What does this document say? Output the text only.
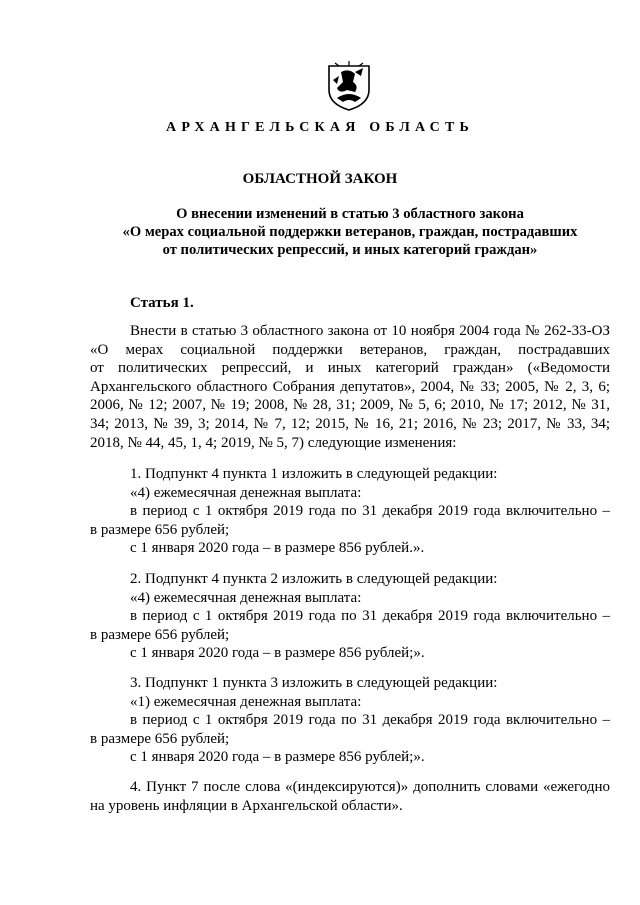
АРХАНГЕЛЬСКАЯ ОБЛАСТЬ
ОБЛАСТНОЙ ЗАКОН
О внесении изменений в статью 3 областного закона
«О мерах социальной поддержки ветеранов, граждан, пострадавших
от политических репрессий, и иных категорий граждан»
Статья 1.
Внести в статью 3 областного закона от 10 ноября 2004 года № 262-33-ОЗ
«О мерах социальной поддержки ветеранов, граждан, пострадавших
от политических репрессий, и иных категорий граждан» («Ведомости
Архангельского областного Собрания депутатов», 2004, № 33; 2005, № 2, 3, 6;
2006, № 12; 2007, № 19; 2008, № 28, 31; 2009, № 5, 6; 2010, № 17; 2012, № 31,
34; 2013, № 39, 3; 2014, № 7, 12; 2015, № 16, 21; 2016, № 23; 2017, № 33, 34;
2018, № 44, 45, 1, 4; 2019, № 5, 7) следующие изменения:
1. Подпункт 4 пункта 1 изложить в следующей редакции:
«4) ежемесячная денежная выплата:
в период с 1 октября 2019 года по 31 декабря 2019 года включительно –
в размере 656 рублей;
с 1 января 2020 года – в размере 856 рублей.».
2. Подпункт 4 пункта 2 изложить в следующей редакции:
«4) ежемесячная денежная выплата:
в период с 1 октября 2019 года по 31 декабря 2019 года включительно –
в размере 656 рублей;
с 1 января 2020 года – в размере 856 рублей;».
3. Подпункт 1 пункта 3 изложить в следующей редакции:
«1) ежемесячная денежная выплата:
в период с 1 октября 2019 года по 31 декабря 2019 года включительно –
в размере 656 рублей;
с 1 января 2020 года – в размере 856 рублей;».
4. Пункт 7 после слова «(индексируются)» дополнить словами «ежегодно
на уровень инфляции в Архангельской области».
